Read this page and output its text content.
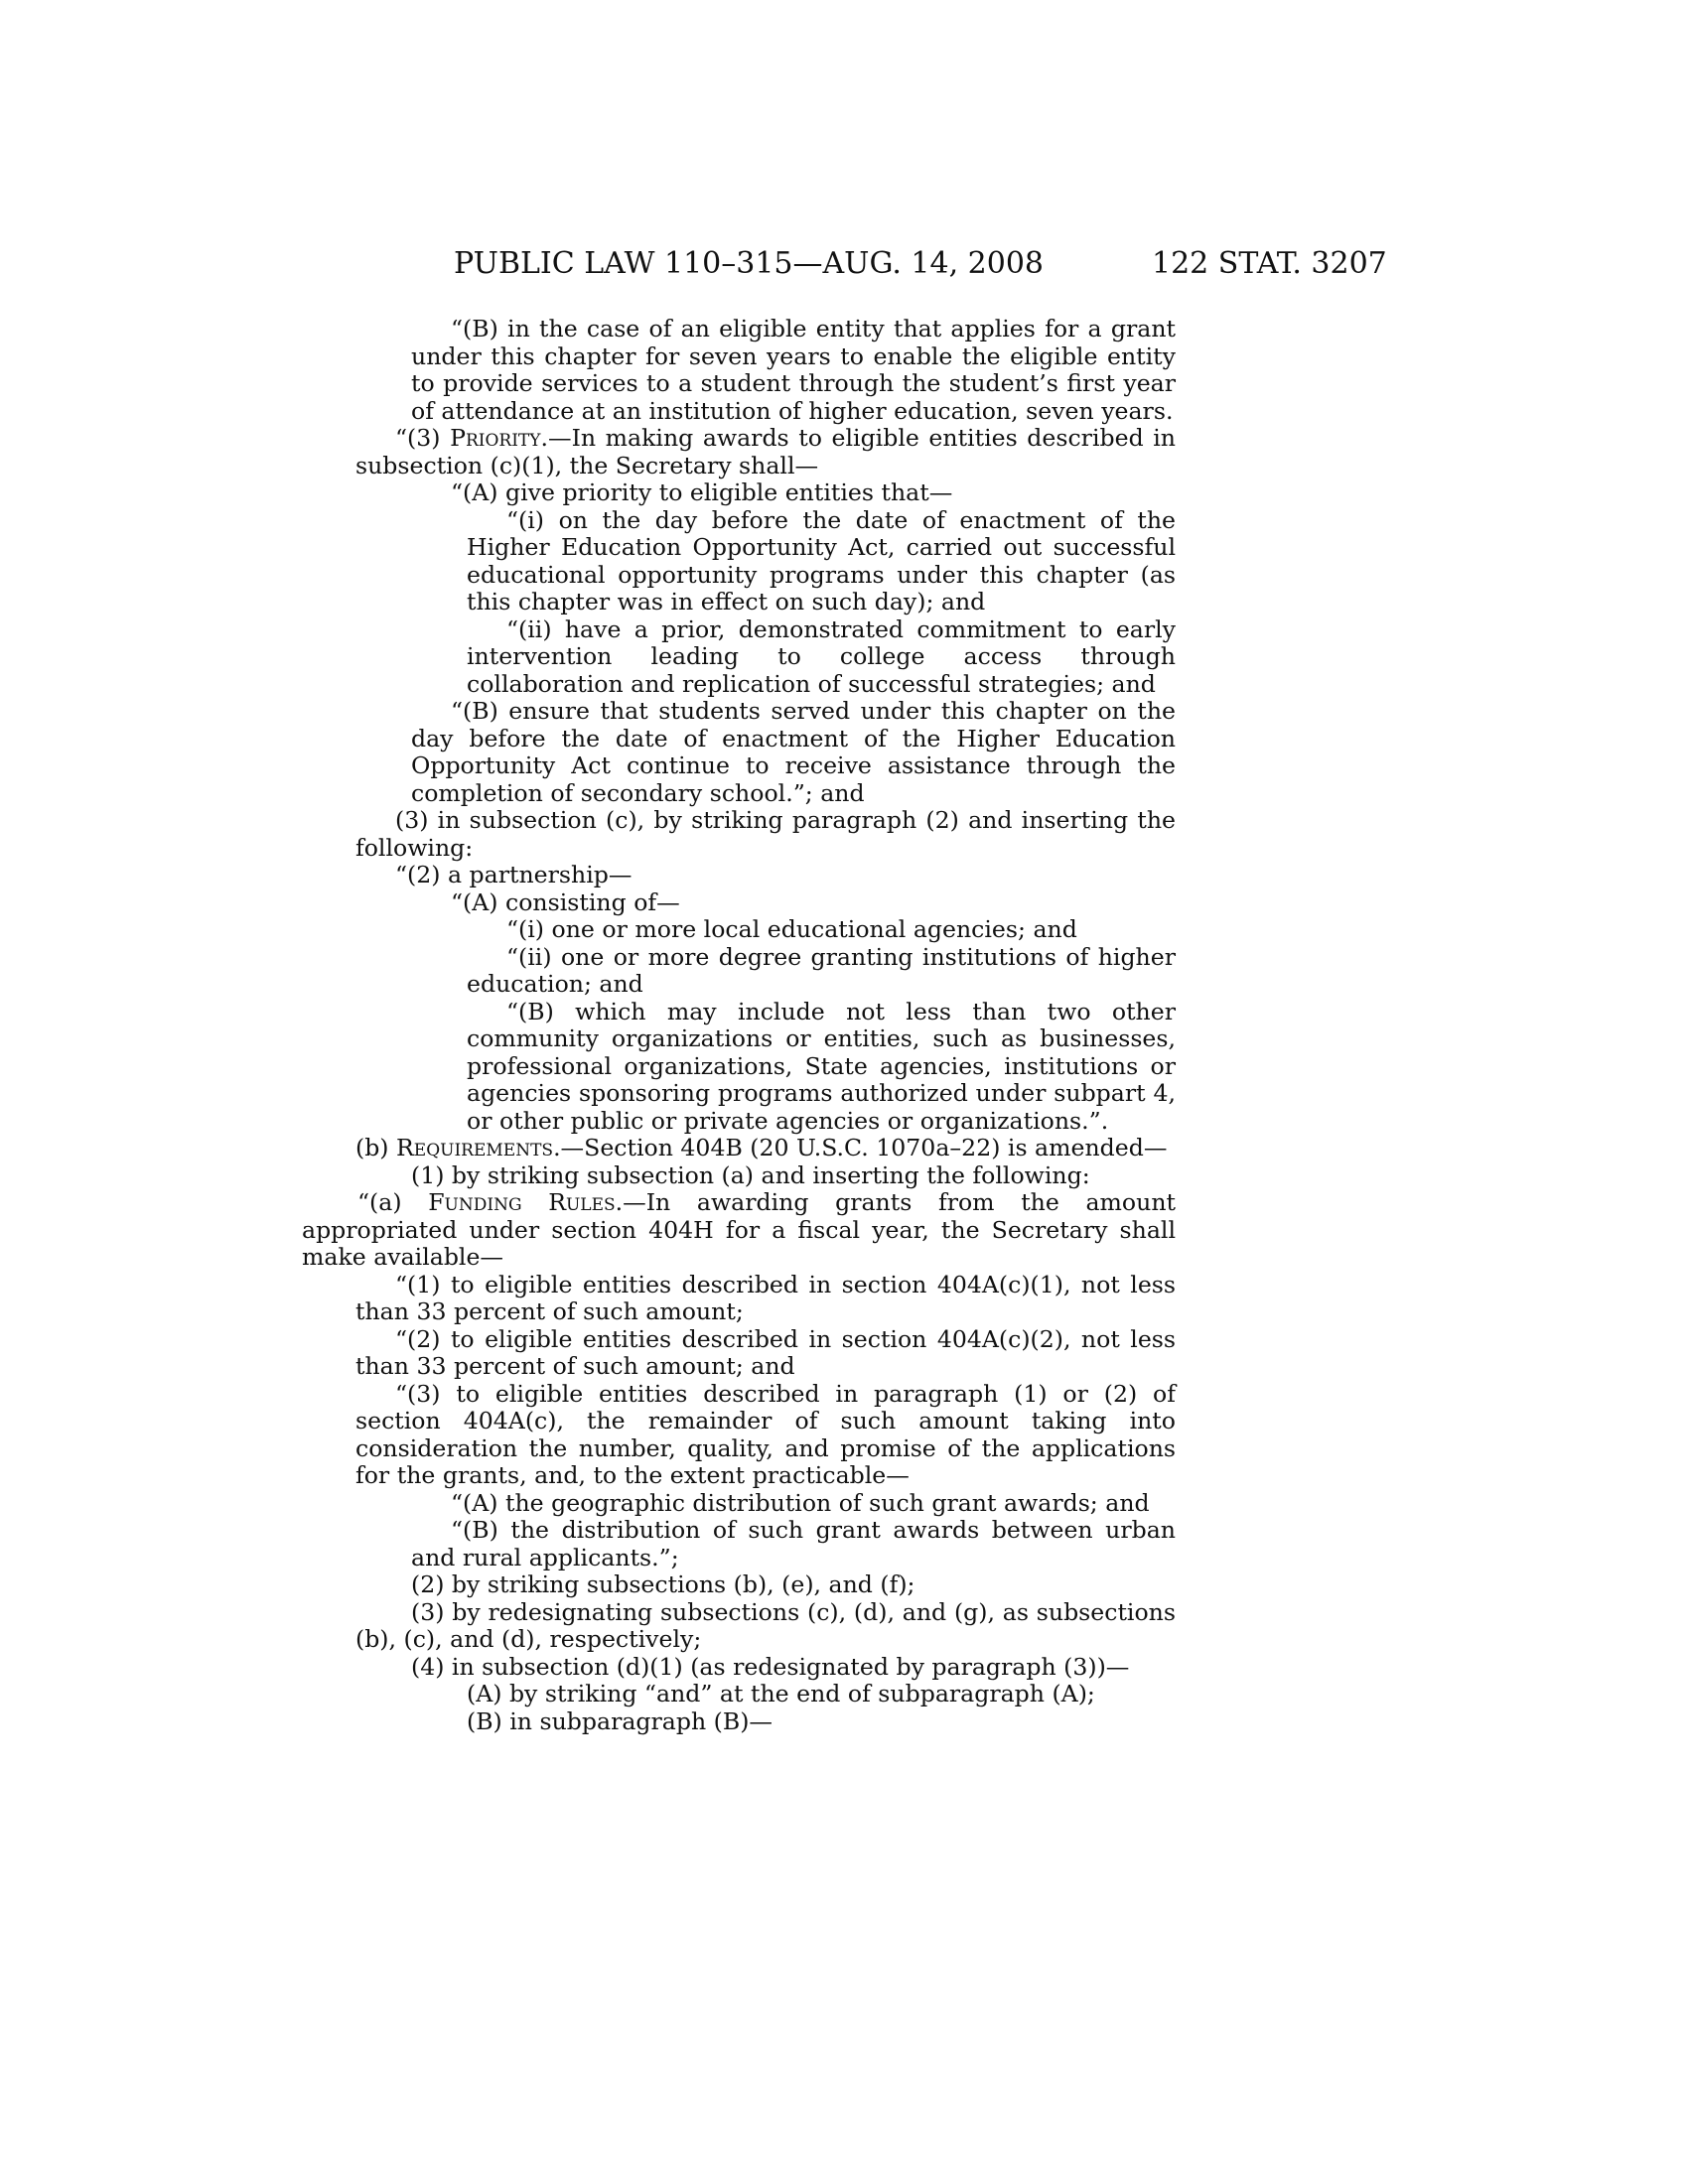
PUBLIC LAW 110–315—AUG. 14, 2008	122 STAT. 3207

“(B) in the case of an eligible entity that applies for a grant under this chapter for seven years to enable the eligible entity to provide services to a student through the student’s first year of attendance at an institution of higher education, seven years.

“(3) Priority.—In making awards to eligible entities described in subsection (c)(1), the Secretary shall—

“(A) give priority to eligible entities that—

“(i) on the day before the date of enactment of the Higher Education Opportunity Act, carried out successful educational opportunity programs under this chapter (as this chapter was in effect on such day); and

“(ii) have a prior, demonstrated commitment to early intervention leading to college access through collaboration and replication of successful strategies; and

“(B) ensure that students served under this chapter on the day before the date of enactment of the Higher Education Opportunity Act continue to receive assistance through the completion of secondary school.”; and

(3) in subsection (c), by striking paragraph (2) and inserting the following:

“(2) a partnership—

“(A) consisting of—

“(i) one or more local educational agencies; and

“(ii) one or more degree granting institutions of higher education; and

“(B) which may include not less than two other community organizations or entities, such as businesses, professional organizations, State agencies, institutions or agencies sponsoring programs authorized under subpart 4, or other public or private agencies or organizations.”.

(b) Requirements.—Section 404B (20 U.S.C. 1070a–22) is amended—

(1) by striking subsection (a) and inserting the following:

“(a) Funding Rules.—In awarding grants from the amount appropriated under section 404H for a fiscal year, the Secretary shall make available—

“(1) to eligible entities described in section 404A(c)(1), not less than 33 percent of such amount;

“(2) to eligible entities described in section 404A(c)(2), not less than 33 percent of such amount; and

“(3) to eligible entities described in paragraph (1) or (2) of section 404A(c), the remainder of such amount taking into consideration the number, quality, and promise of the applications for the grants, and, to the extent practicable—

“(A) the geographic distribution of such grant awards; and

“(B) the distribution of such grant awards between urban and rural applicants.”;

(2) by striking subsections (b), (e), and (f);

(3) by redesignating subsections (c), (d), and (g), as subsections (b), (c), and (d), respectively;

(4) in subsection (d)(1) (as redesignated by paragraph (3))—

(A) by striking “and” at the end of subparagraph (A);

(B) in subparagraph (B)—
